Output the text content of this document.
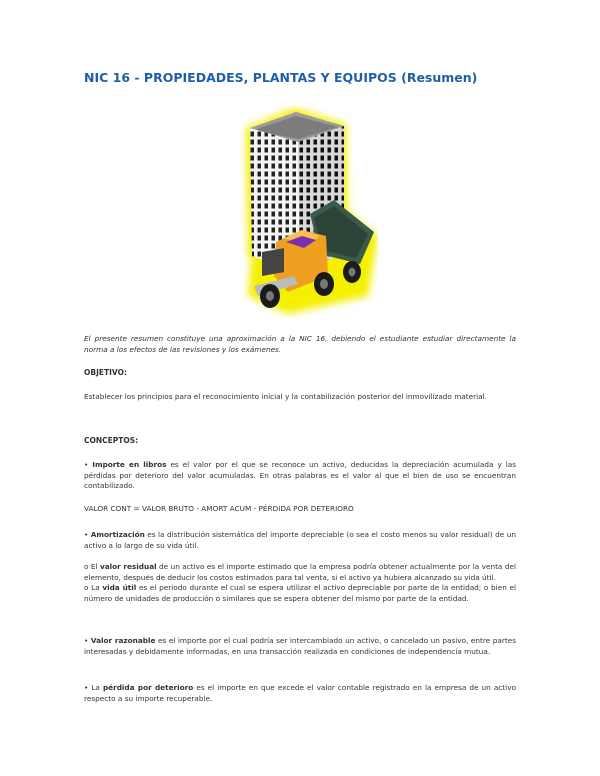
NIC 16 - PROPIEDADES, PLANTAS Y EQUIPOS (Resumen)
El presente resumen constituye una aproximación a la NIC 16, debiendo el estudiante estudiar directamente la norma a los efectos de las revisiones y los exámenes.
OBJETIVO:
Establecer los principios para el reconocimiento inicial y la contabilización posterior del inmovilizado material.
CONCEPTOS:
• Importe en libros es el valor por el que se reconoce un activo, deducidas la depreciación acumulada y las pérdidas por deterioro del valor acumuladas. En otras palabras es el valor al que el bien de uso se encuentran contabilizado.
VALOR CONT = VALOR BRUTO - AMORT ACUM - PÉRDIDA POR DETERIORO
• Amortización es la distribución sistemática del importe depreciable (o sea el costo menos su valor residual) de un activo a lo largo de su vida útil.
o El valor residual de un activo es el importe estimado que la empresa podría obtener actualmente por la venta del elemento, después de deducir los costos estimados para tal venta, si el activo ya hubiera alcanzado su vida útil.
o La vida útil es el periodo durante el cual se espera utilizar el activo depreciable por parte de la entidad; o bien el número de unidades de producción o similares que se espera obtener del mismo por parte de la entidad.
• Valor razonable es el importe por el cual podría ser intercambiado un activo, o cancelado un pasivo, entre partes interesadas y debidamente informadas, en una transacción realizada en condiciones de independencia mutua.
• La pérdida por deterioro es el importe en que excede el valor contable registrado en la empresa de un activo respecto a su importe recuperable.
